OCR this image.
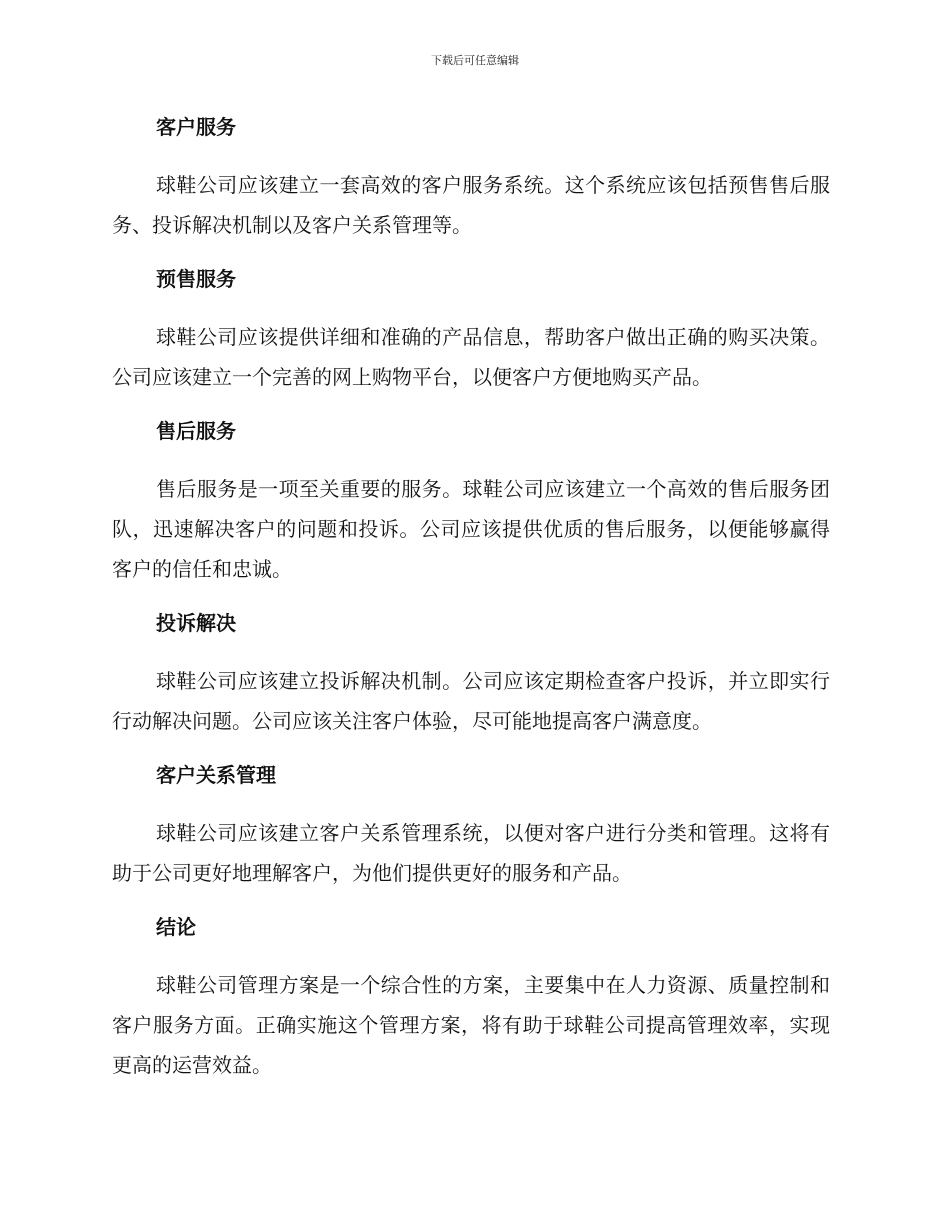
下载后可任意编辑
客户服务

球鞋公司应该建立一套高效的客户服务系统。这个系统应该包括预售售后服务、投诉解决机制以及客户关系管理等。

预售服务

球鞋公司应该提供详细和准确的产品信息，帮助客户做出正确的购买决策。公司应该建立一个完善的网上购物平台，以便客户方便地购买产品。

售后服务

售后服务是一项至关重要的服务。球鞋公司应该建立一个高效的售后服务团队，迅速解决客户的问题和投诉。公司应该提供优质的售后服务，以便能够赢得客户的信任和忠诚。

投诉解决

球鞋公司应该建立投诉解决机制。公司应该定期检查客户投诉，并立即实行行动解决问题。公司应该关注客户体验，尽可能地提高客户满意度。

客户关系管理

球鞋公司应该建立客户关系管理系统，以便对客户进行分类和管理。这将有助于公司更好地理解客户，为他们提供更好的服务和产品。

结论

球鞋公司管理方案是一个综合性的方案，主要集中在人力资源、质量控制和客户服务方面。正确实施这个管理方案，将有助于球鞋公司提高管理效率，实现更高的运营效益。
